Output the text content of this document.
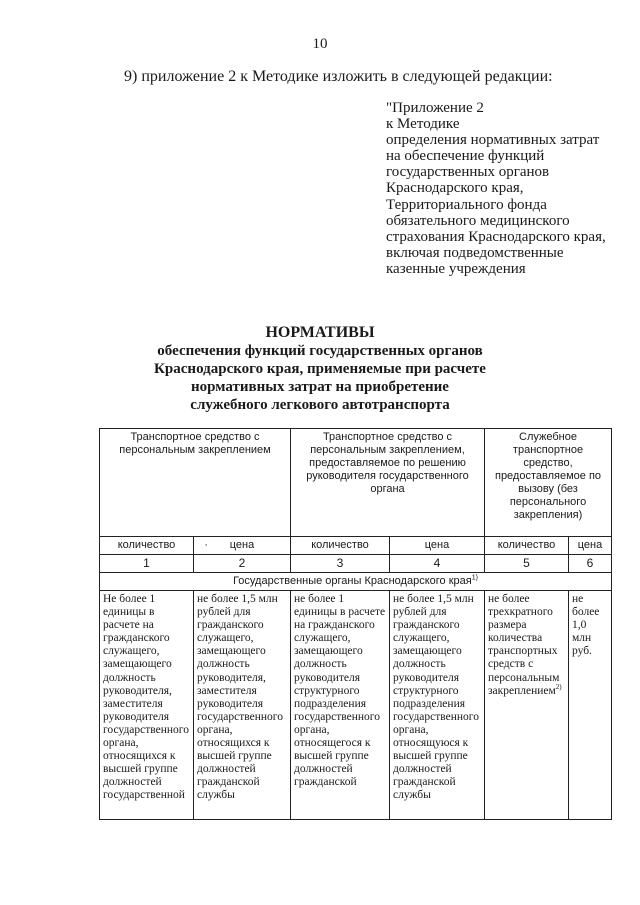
10
9) приложение 2 к Методике изложить в следующей редакции:
"Приложение 2
к Методике
определения нормативных затрат
на обеспечение функций
государственных органов
Краснодарского края,
Территориального фонда
обязательного медицинского
страхования Краснодарского края,
включая подведомственные
казенные учреждения
НОРМАТИВЫ
обеспечения функций государственных органов
Краснодарского края, применяемые при расчете
нормативных затрат на приобретение
служебного легкового автотранспорта
,
Транспортное средство с персональным закреплением		Транспортное средство с персональным закреплением, предоставляемое по решению руководителя государственного органа		Служебное транспортное средство, предоставляемое по вызову (без персонального закрепления)	
количество	цена	количество	цена	количество	цена
1	2	3	4	5	6
Государственные органы Краснодарского края$^{1)}$

Не более 1 единицы в расчете на гражданского служащего, замещающего должность руководителя, заместителя руководителя государственного органа, относящихся к высшей группе должностей государственной	не более 1,5 млн рублей для гражданского служащего, замещающего должность руководителя, заместителя руководителя государственного органа, относящихся к высшей группе должностей гражданской службы	не более 1 единицы в расчете на гражданского служащего, замещающего должность руководителя структурного подразделения государственного органа, относящегося к высшей группе должностей гражданской	не более 1,5 млн рублей для гражданского служащего, замещающего должность руководителя структурного подразделения государственного органа, относящуюся к высшей группе должностей гражданской службы	не более трехкратного размера количества транспортных средств с персональным закреплением$^{2)}$	не более 1,0 млн руб.
